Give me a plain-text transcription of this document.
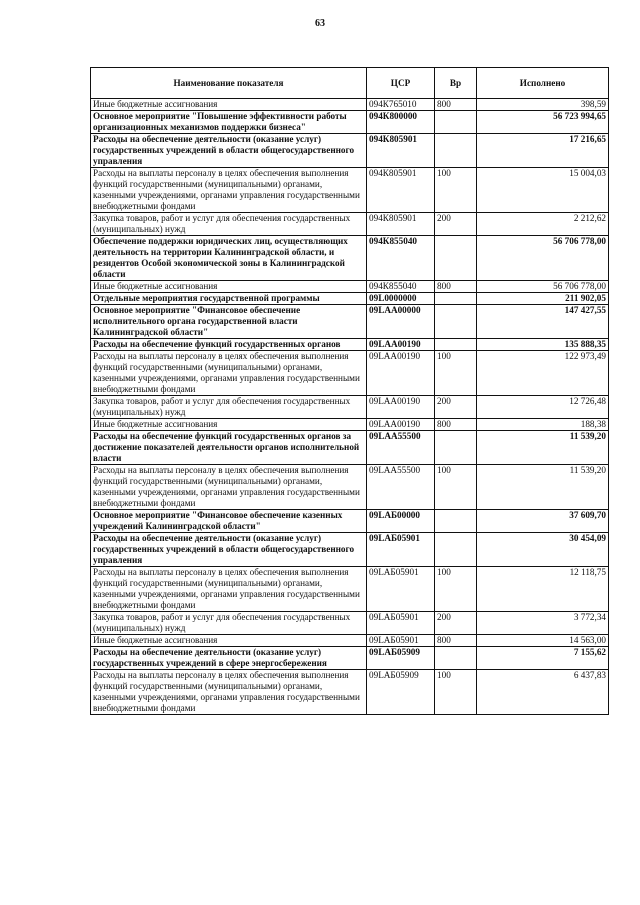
63
Наименование показателя	ЦСР	Вр	Исполнено
Иные бюджетные ассигнования	094К765010	800	398,59
Основное мероприятие "Повышение эффективности работы организационных механизмов поддержки бизнеса"	094К800000		56 723 994,65
Расходы на обеспечение деятельности (оказание услуг) государственных учреждений в области общегосударственного управления	094К805901		17 216,65
Расходы на выплаты персоналу в целях обеспечения выполнения функций государственными (муниципальными) органами, казенными учреждениями, органами управления государственными внебюджетными фондами	094К805901	100	15 004,03
Закупка товаров, работ и услуг для обеспечения государственных (муниципальных) нужд	094К805901	200	2 212,62
Обеспечение поддержки юридических лиц, осуществляющих деятельность на территории Калининградской области, и резидентов Особой экономической зоны в Калининградской области	094К855040		56 706 778,00
Иные бюджетные ассигнования	094К855040	800	56 706 778,00
Отдельные мероприятия государственной программы	09L0000000		211 902,05
Основное мероприятие "Финансовое обеспечение исполнительного органа государственной власти Калининградской области"	09LАА00000		147 427,55
Расходы на обеспечение функций государственных органов	09LАА00190		135 888,35
Расходы на выплаты персоналу в целях обеспечения выполнения функций государственными (муниципальными) органами, казенными учреждениями, органами управления государственными внебюджетными фондами	09LАА00190	100	122 973,49
Закупка товаров, работ и услуг для обеспечения государственных (муниципальных) нужд	09LАА00190	200	12 726,48
Иные бюджетные ассигнования	09LАА00190	800	188,38
Расходы на обеспечение функций государственных органов за достижение показателей деятельности органов исполнительной власти	09LАА55500		11 539,20
Расходы на выплаты персоналу в целях обеспечения выполнения функций государственными (муниципальными) органами, казенными учреждениями, органами управления государственными внебюджетными фондами	09LАА55500	100	11 539,20
Основное мероприятие "Финансовое обеспечение казенных учреждений Калининградской области"	09LАБ00000		37 609,70
Расходы на обеспечение деятельности (оказание услуг) государственных учреждений в области общегосударственного управления	09LАБ05901		30 454,09
Расходы на выплаты персоналу в целях обеспечения выполнения функций государственными (муниципальными) органами, казенными учреждениями, органами управления государственными внебюджетными фондами	09LАБ05901	100	12 118,75
Закупка товаров, работ и услуг для обеспечения государственных (муниципальных) нужд	09LАБ05901	200	3 772,34
Иные бюджетные ассигнования	09LАБ05901	800	14 563,00
Расходы на обеспечение деятельности (оказание услуг) государственных учреждений в сфере энергосбережения	09LАБ05909		7 155,62
Расходы на выплаты персоналу в целях обеспечения выполнения функций государственными (муниципальными) органами, казенными учреждениями, органами управления государственными внебюджетными фондами	09LАБ05909	100	6 437,83
